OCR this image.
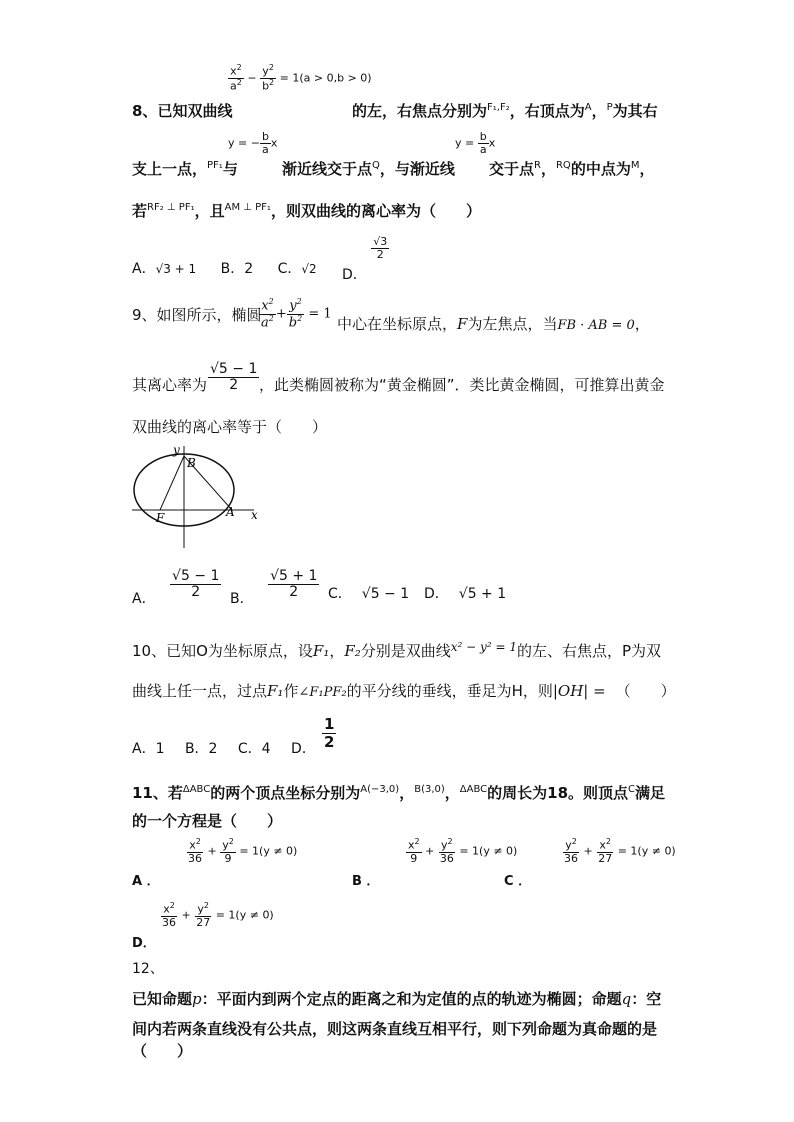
$\frac{x^2}{a^2} - \frac{y^2}{b^2} = 1(a > 0,b > 0)$
8、已知双曲线	的左，右焦点分别为$^{F_1,F_2}$，右顶点为$^A$，$^P$为其右
y = − $\frac{b}{a}$ x	$y = \frac{b}{a}$ x
支上一点，$^{PF_1}$与	渐近线交于点$^Q$，与渐近线 交于点$^R$，$^{RQ}$的中点为$^M$，
若$^{RF_2 \perp PF_1}$，且$^{AM \perp PF_1}$，则双曲线的离心率为（　　）
A．√3 + 1 B．2 C．√2 D．
$\frac{√3}{2}$
9、如图所示，椭圆
$\frac{x^2}{a^2} + \frac{y^2}{b^2} = 1$
中心在坐标原点，F为左焦点，当FB · AB = 0，
其离心率为 $\frac{√5 - 1}{2}$ ，此类椭圆被称为“黄金椭圆”．类比黄金椭圆，可推算出黄金
双曲线的离心率等于（　　）
y
B
F	A x
A． $\frac{√5 - 1}{2}$ B． $\frac{√5 + 1}{2}$ C． √5 − 1 D． √5 + 1
10、已知O为坐标原点，设F₁，F₂分别是双曲线$^{x^2 - y^2 = 1}$的左、右焦点，P为双
曲线上任一点，过点F₁作∠F₁PF₂的平分线的垂线，垂足为H，则|OH| = （　　）
A．1 B．2 C．4 D． $\frac{1}{2}$
11、若$^{\Delta ABC}$的两个顶点坐标分别为$^{A(-3,0)}$，$^{B(3,0)}$，$^{\Delta ABC}$的周长为18。则顶点$^C$满足
的一个方程是（　　）
A ．
$\frac{x^2}{36} + \frac{y^2}{9} = 1(y \ne 0)$
B ．
$\frac{x^2}{9} + \frac{y^2}{36} = 1(y \ne 0)$
C ．
$\frac{y^2}{36} + \frac{x^2}{27} = 1(y \ne 0)$
D．
$\frac{x^2}{36} + \frac{y^2}{27} = 1(y \ne 0)$
12、
已知命题p：平面内到两个定点的距离之和为定值的点的轨迹为椭圆；命题q：空
间内若两条直线没有公共点，则这两条直线互相平行，则下列命题为真命题的是
（　　）
